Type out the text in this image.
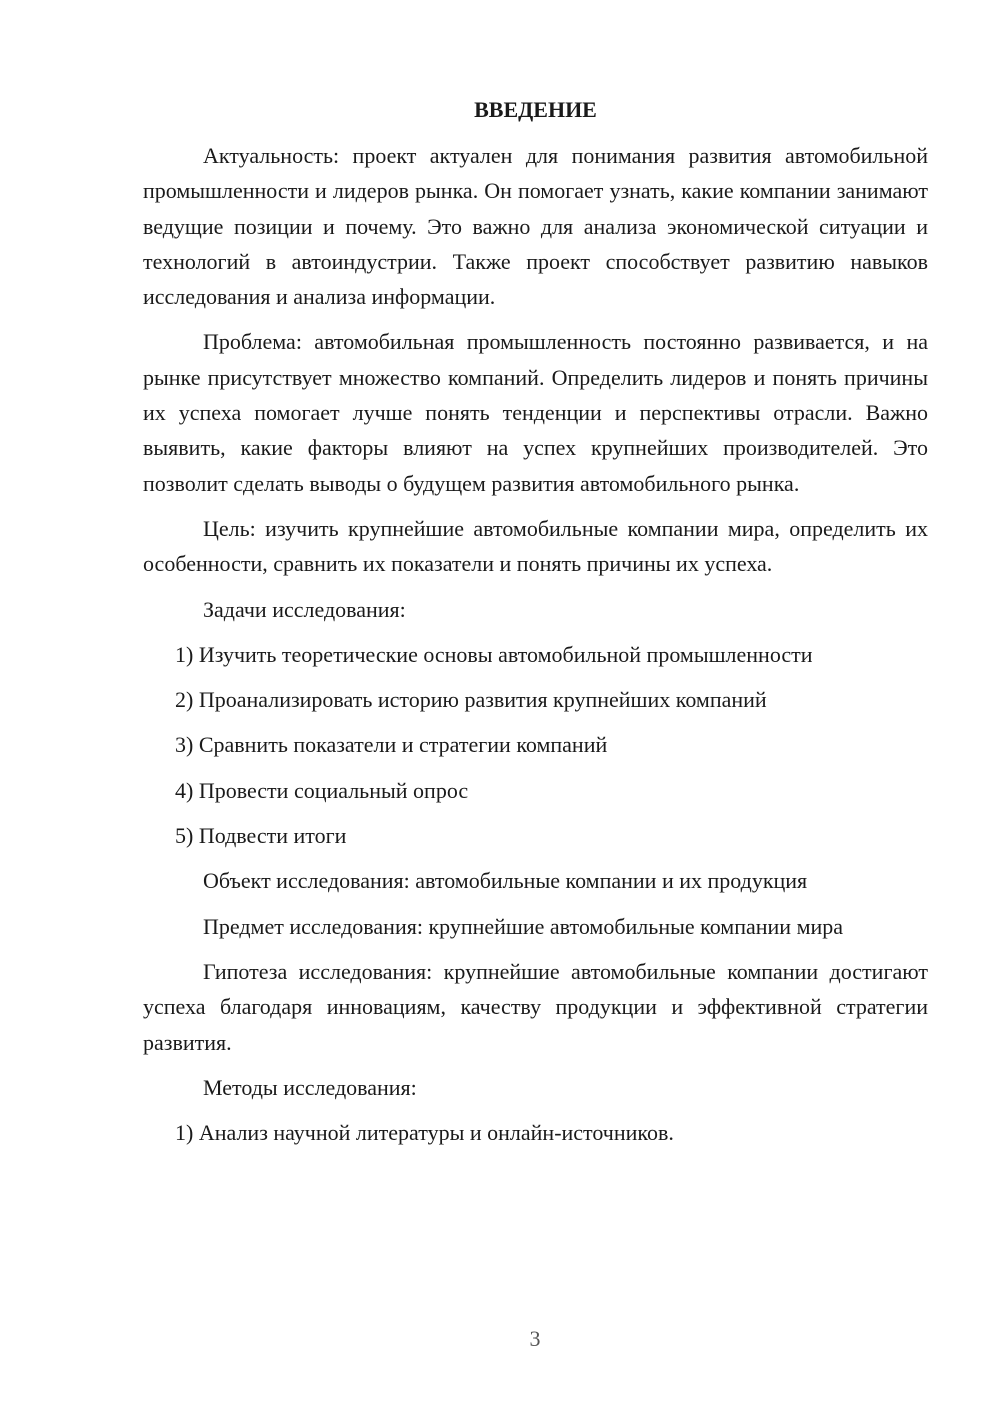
ВВЕДЕНИЕ

Актуальность: проект актуален для понимания развития автомобильной промышленности и лидеров рынка. Он помогает узнать, какие компании занимают ведущие позиции и почему. Это важно для анализа экономической ситуации и технологий в автоиндустрии. Также проект способствует развитию навыков исследования и анализа информации.

Проблема: автомобильная промышленность постоянно развивается, и на рынке присутствует множество компаний. Определить лидеров и понять причины их успеха помогает лучше понять тенденции и перспективы отрасли. Важно выявить, какие факторы влияют на успех крупнейших производителей. Это позволит сделать выводы о будущем развития автомобильного рынка.

Цель: изучить крупнейшие автомобильные компании мира, определить их особенности, сравнить их показатели и понять причины их успеха.

Задачи исследования:

1) Изучить теоретические основы автомобильной промышленности

2) Проанализировать историю развития крупнейших компаний

3) Сравнить показатели и стратегии компаний

4) Провести социальный опрос

5) Подвести итоги

Объект исследования: автомобильные компании и их продукция

Предмет исследования: крупнейшие автомобильные компании мира

Гипотеза исследования: крупнейшие автомобильные компании достигают успеха благодаря инновациям, качеству продукции и эффективной стратегии развития.

Методы исследования:

1) Анализ научной литературы и онлайн-источников.

3
